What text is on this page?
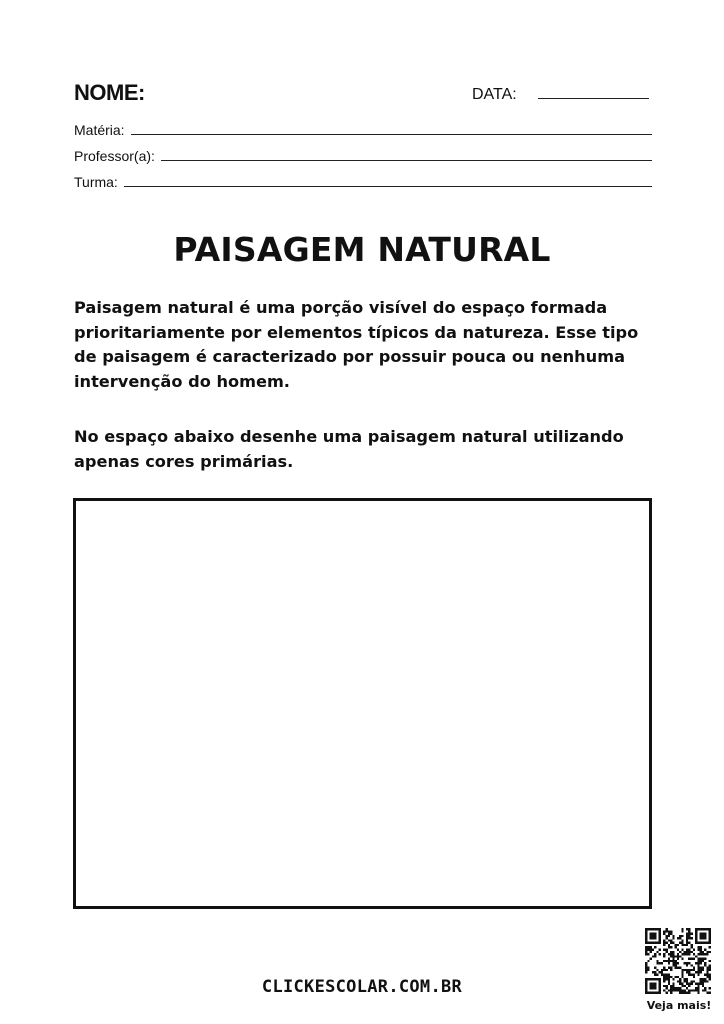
NOME:	DATA:
Matéria:
Professor(a):
Turma:
PAISAGEM NATURAL
Paisagem natural é uma porção visível do espaço formada prioritariamente por elementos típicos da natureza. Esse tipo de paisagem é caracterizado por possuir pouca ou nenhuma intervenção do homem.
No espaço abaixo desenhe uma paisagem natural utilizando apenas cores primárias.
CLICKESCOLAR.COM.BR
Veja mais!
